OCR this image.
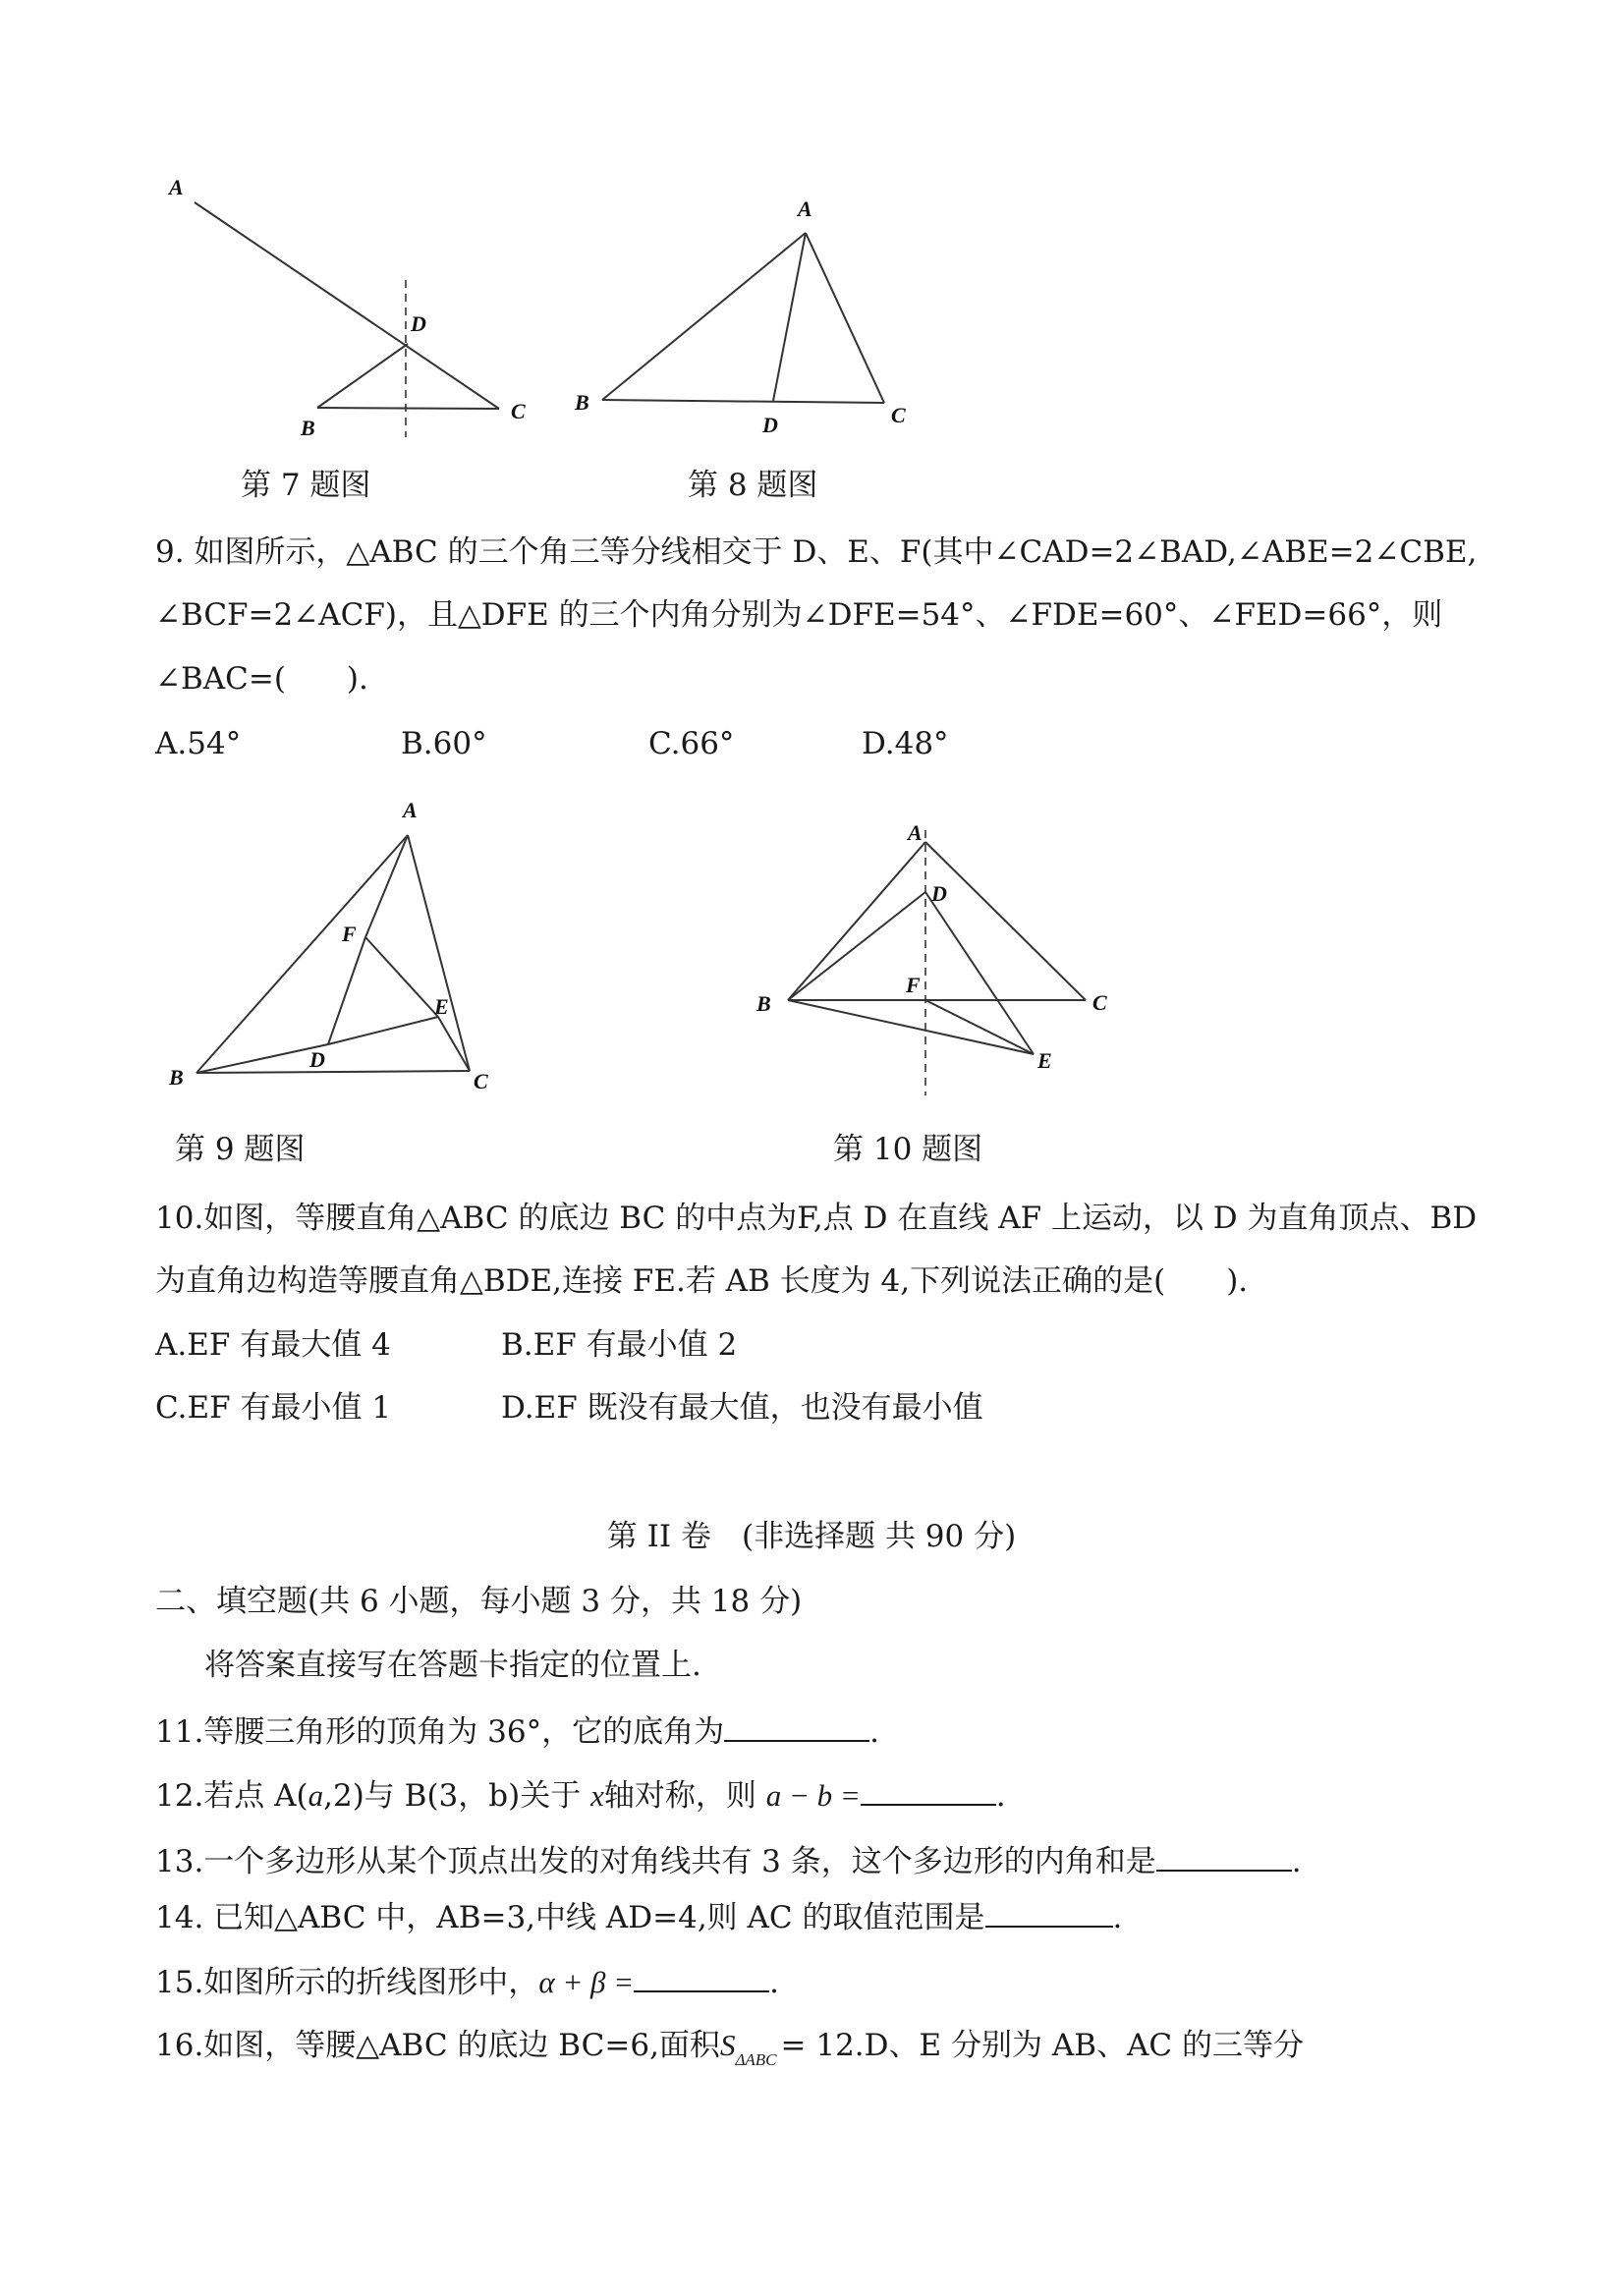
A
B
C
D
第 7 题图
A
B
C
D
第 8 题图
9. 如图所示，△ABC 的三个角三等分线相交于 D、E、F(其中∠CAD=2∠BAD,∠ABE=2∠CBE,
∠BCF=2∠ACF)，且△DFE 的三个内角分别为∠DFE=54°、∠FDE=60°、∠FED=66°，则
∠BAC=(　　).
A.54°	B.60°	C.66°	D.48°
A
B	C
D
E
F
第 9 题图
A
B	C
D
E
F
第 10 题图
10.如图，等腰直角△ABC 的底边 BC 的中点为F,点 D 在直线 AF 上运动，以 D 为直角顶点、BD
为直角边构造等腰直角△BDE,连接 FE.若 AB 长度为 4,下列说法正确的是(　　).
A.EF 有最大值 4	B.EF 有最小值 2
C.EF 有最小值 1	D.EF 既没有最大值，也没有最小值
第 II 卷　(非选择题 共 90 分)
二、填空题(共 6 小题，每小题 3 分，共 18 分)
将答案直接写在答题卡指定的位置上.
11.等腰三角形的顶角为 36°，它的底角为	.
12.若点 A(a,2)与 B(3，b)关于 x轴对称，则 a − b =	.
13.一个多边形从某个顶点出发的对角线共有 3 条，这个多边形的内角和是	.
14. 已知△ABC 中，AB=3,中线 AD=4,则 AC 的取值范围是	.
15.如图所示的折线图形中，α + β =	.
16.如图，等腰△ABC 的底边 BC=6,面积$S_{\Delta ABC} = 12.D$、E 分别为 AB、AC 的三等分
